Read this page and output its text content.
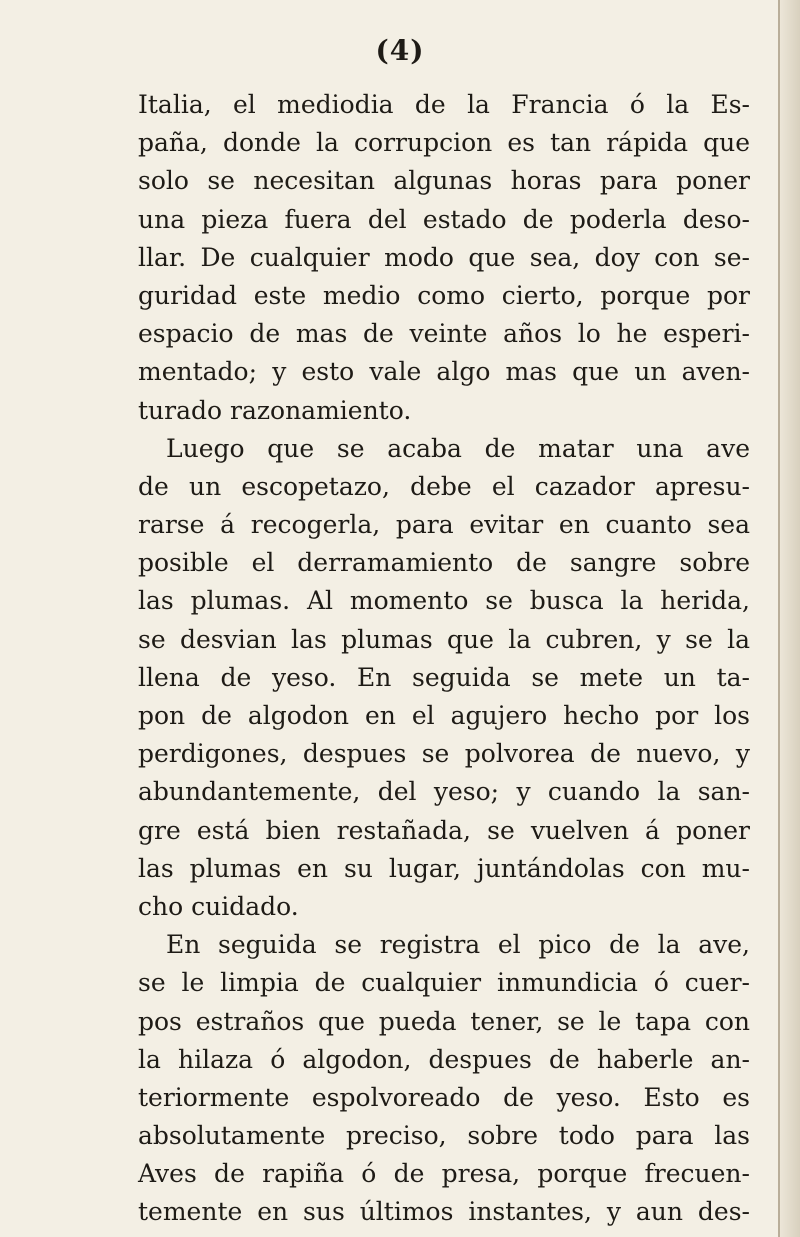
(4)
Italia, el mediodia de la Francia ó la Es-
paña, donde la corrupcion es tan rápida que
solo se necesitan algunas horas para poner
una pieza fuera del estado de poderla deso-
llar. De cualquier modo que sea, doy con se-
guridad este medio como cierto, porque por
espacio de mas de veinte años lo he esperi-
mentado; y esto vale algo mas que un aven-
turado razonamiento.
Luego que se acaba de matar una ave
de un escopetazo, debe el cazador apresu-
rarse á recogerla, para evitar en cuanto sea
posible el derramamiento de sangre sobre
las plumas. Al momento se busca la herida,
se desvian las plumas que la cubren, y se la
llena de yeso. En seguida se mete un ta-
pon de algodon en el agujero hecho por los
perdigones, despues se polvorea de nuevo, y
abundantemente, del yeso; y cuando la san-
gre está bien restañada, se vuelven á poner
las plumas en su lugar, juntándolas con mu-
cho cuidado.
En seguida se registra el pico de la ave,
se le limpia de cualquier inmundicia ó cuer-
pos estraños que pueda tener, se le tapa con
la hilaza ó algodon, despues de haberle an-
teriormente espolvoreado de yeso. Esto es
absolutamente preciso, sobre todo para las
Aves de rapiña ó de presa, porque frecuen-
temente en sus últimos instantes, y aun des-
